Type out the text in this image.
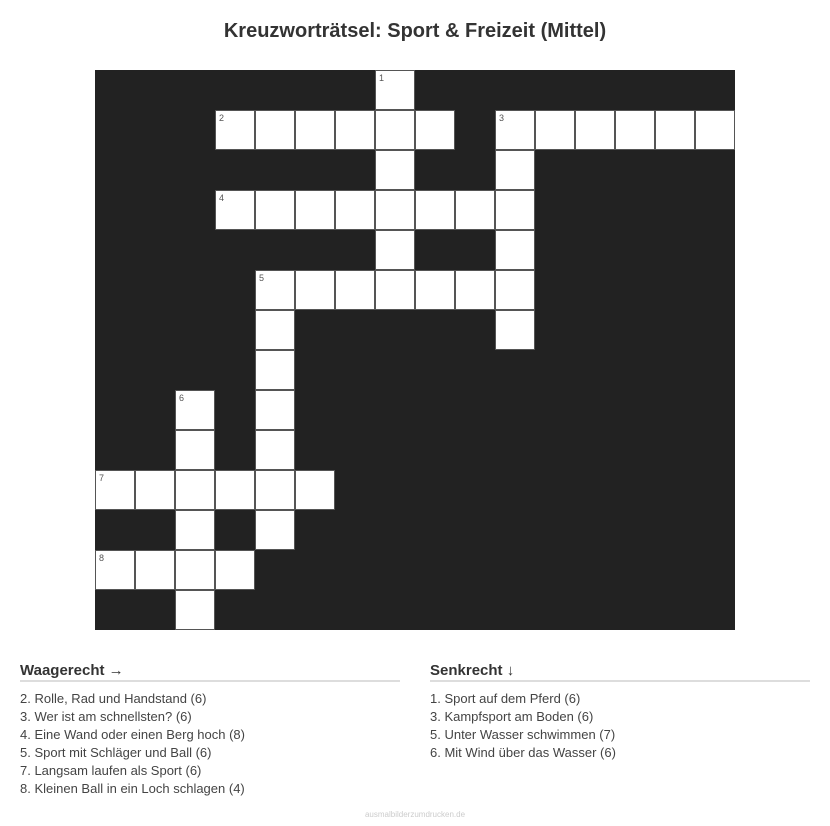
Kreuzworträtsel: Sport & Freizeit (Mittel)
1
2	3
4
5
6
7
8
Waagerecht →
2. Rolle, Rad und Handstand (6)
3. Wer ist am schnellsten? (6)
4. Eine Wand oder einen Berg hoch (8)
5. Sport mit Schläger und Ball (6)
7. Langsam laufen als Sport (6)
8. Kleinen Ball in ein Loch schlagen (4)
Senkrecht ↓
1. Sport auf dem Pferd (6)
3. Kampfsport am Boden (6)
5. Unter Wasser schwimmen (7)
6. Mit Wind über das Wasser (6)
ausmalbilderzumdrucken.de
